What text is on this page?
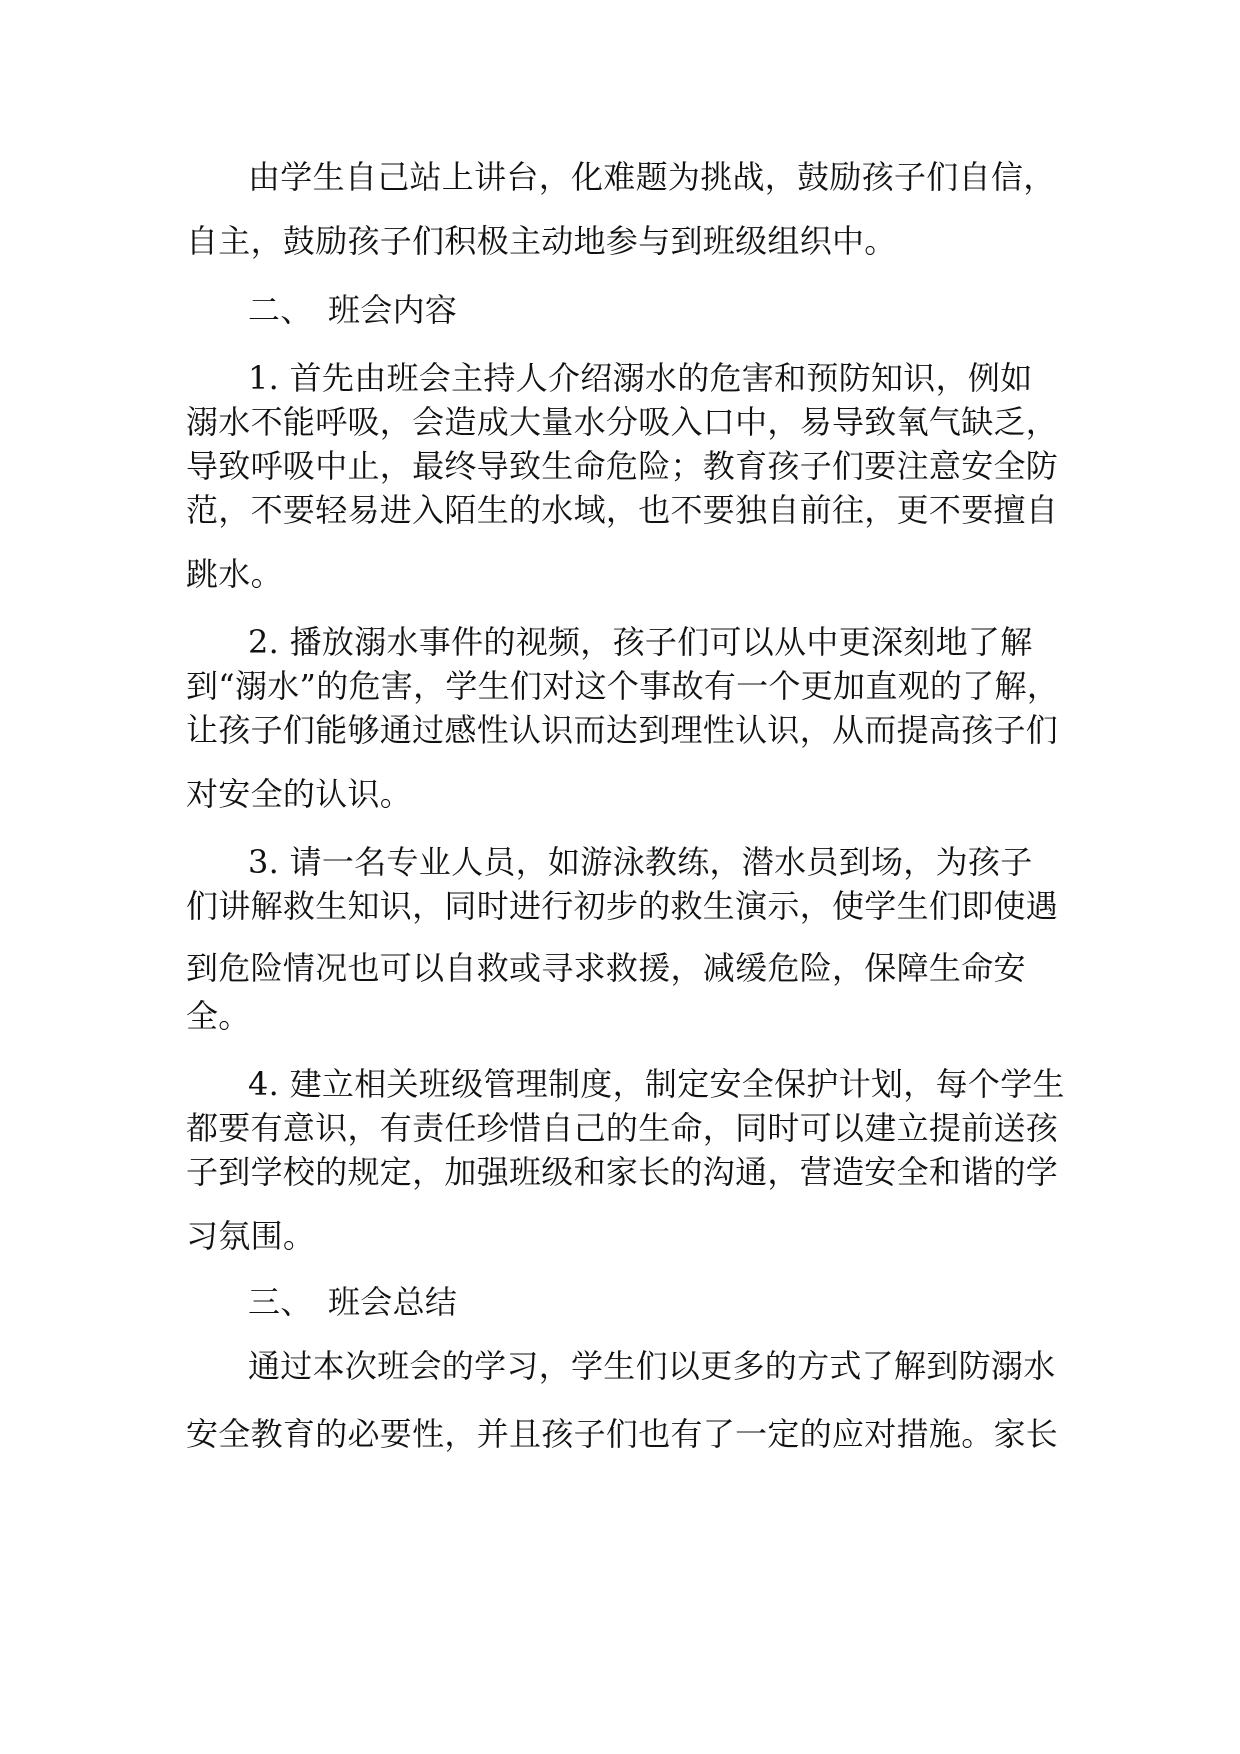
由学生自己站上讲台，化难题为挑战，鼓励孩子们自信，
自主，鼓励孩子们积极主动地参与到班级组织中。
二、 班会内容
1. 首先由班会主持人介绍溺水的危害和预防知识，例如
溺水不能呼吸，会造成大量水分吸入口中，易导致氧气缺乏，
导致呼吸中止，最终导致生命危险；教育孩子们要注意安全防
范，不要轻易进入陌生的水域，也不要独自前往，更不要擅自
跳水。
2. 播放溺水事件的视频，孩子们可以从中更深刻地了解
到“溺水”的危害，学生们对这个事故有一个更加直观的了解，
让孩子们能够通过感性认识而达到理性认识，从而提高孩子们
对安全的认识。
3. 请一名专业人员，如游泳教练，潜水员到场，为孩子
们讲解救生知识，同时进行初步的救生演示，使学生们即使遇
到危险情况也可以自救或寻求救援，减缓危险，保障生命安
全。
4. 建立相关班级管理制度，制定安全保护计划，每个学生
都要有意识，有责任珍惜自己的生命，同时可以建立提前送孩
子到学校的规定，加强班级和家长的沟通，营造安全和谐的学
习氛围。
三、 班会总结
通过本次班会的学习，学生们以更多的方式了解到防溺水
安全教育的必要性，并且孩子们也有了一定的应对措施。家长
